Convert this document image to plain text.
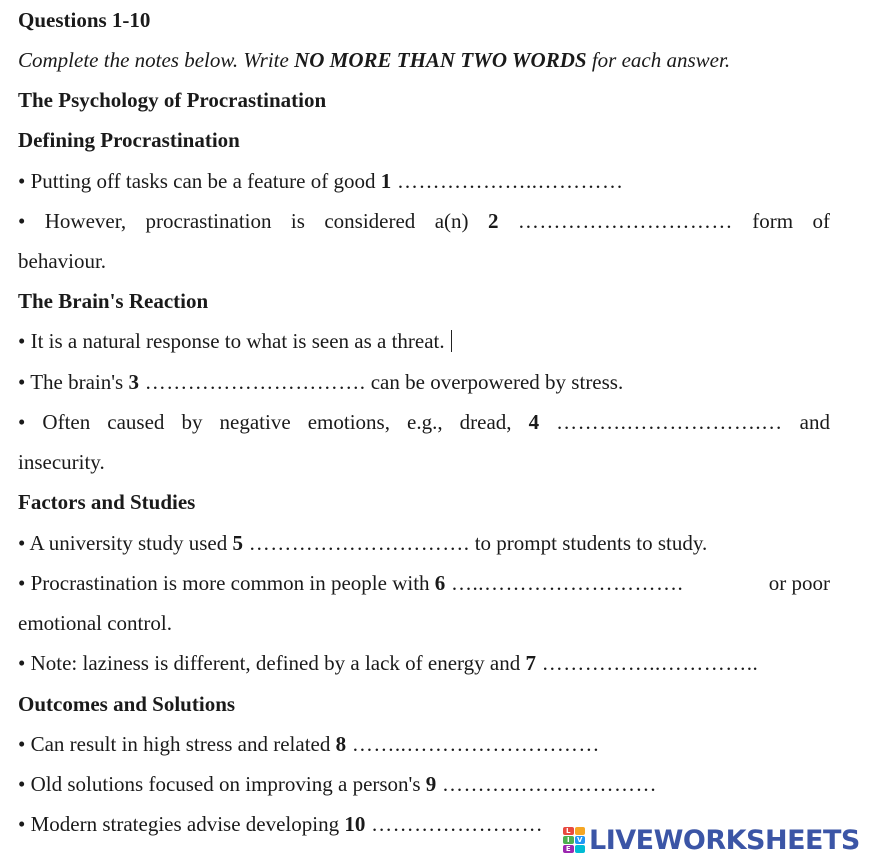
Questions 1-10
Complete the notes below. Write NO MORE THAN TWO WORDS for each answer.
The Psychology of Procrastination
Defining Procrastination
• Putting off tasks can be a feature of good 1 ………………..…………
• However, procrastination is considered a(n) 2 ………………………… form of
behaviour.
The Brain's Reaction
• It is a natural response to what is seen as a threat.
• The brain's 3 …………………………. can be overpowered by stress.
• Often caused by negative emotions, e.g., dread, 4 ……….……………….… and
insecurity.
Factors and Studies
• A university study used 5 …………………………. to prompt students to study.
• Procrastination is more common in people with 6 …..……………………….	or poor
emotional control.
• Note: laziness is different, defined by a lack of energy and 7 ……………..…………..
Outcomes and Solutions
• Can result in high stress and related 8 ……..………………………
• Old solutions focused on improving a person's 9 …………………………
• Modern strategies advise developing 10 ……………………	L
I	V
E LIVEWORKSHEETS
